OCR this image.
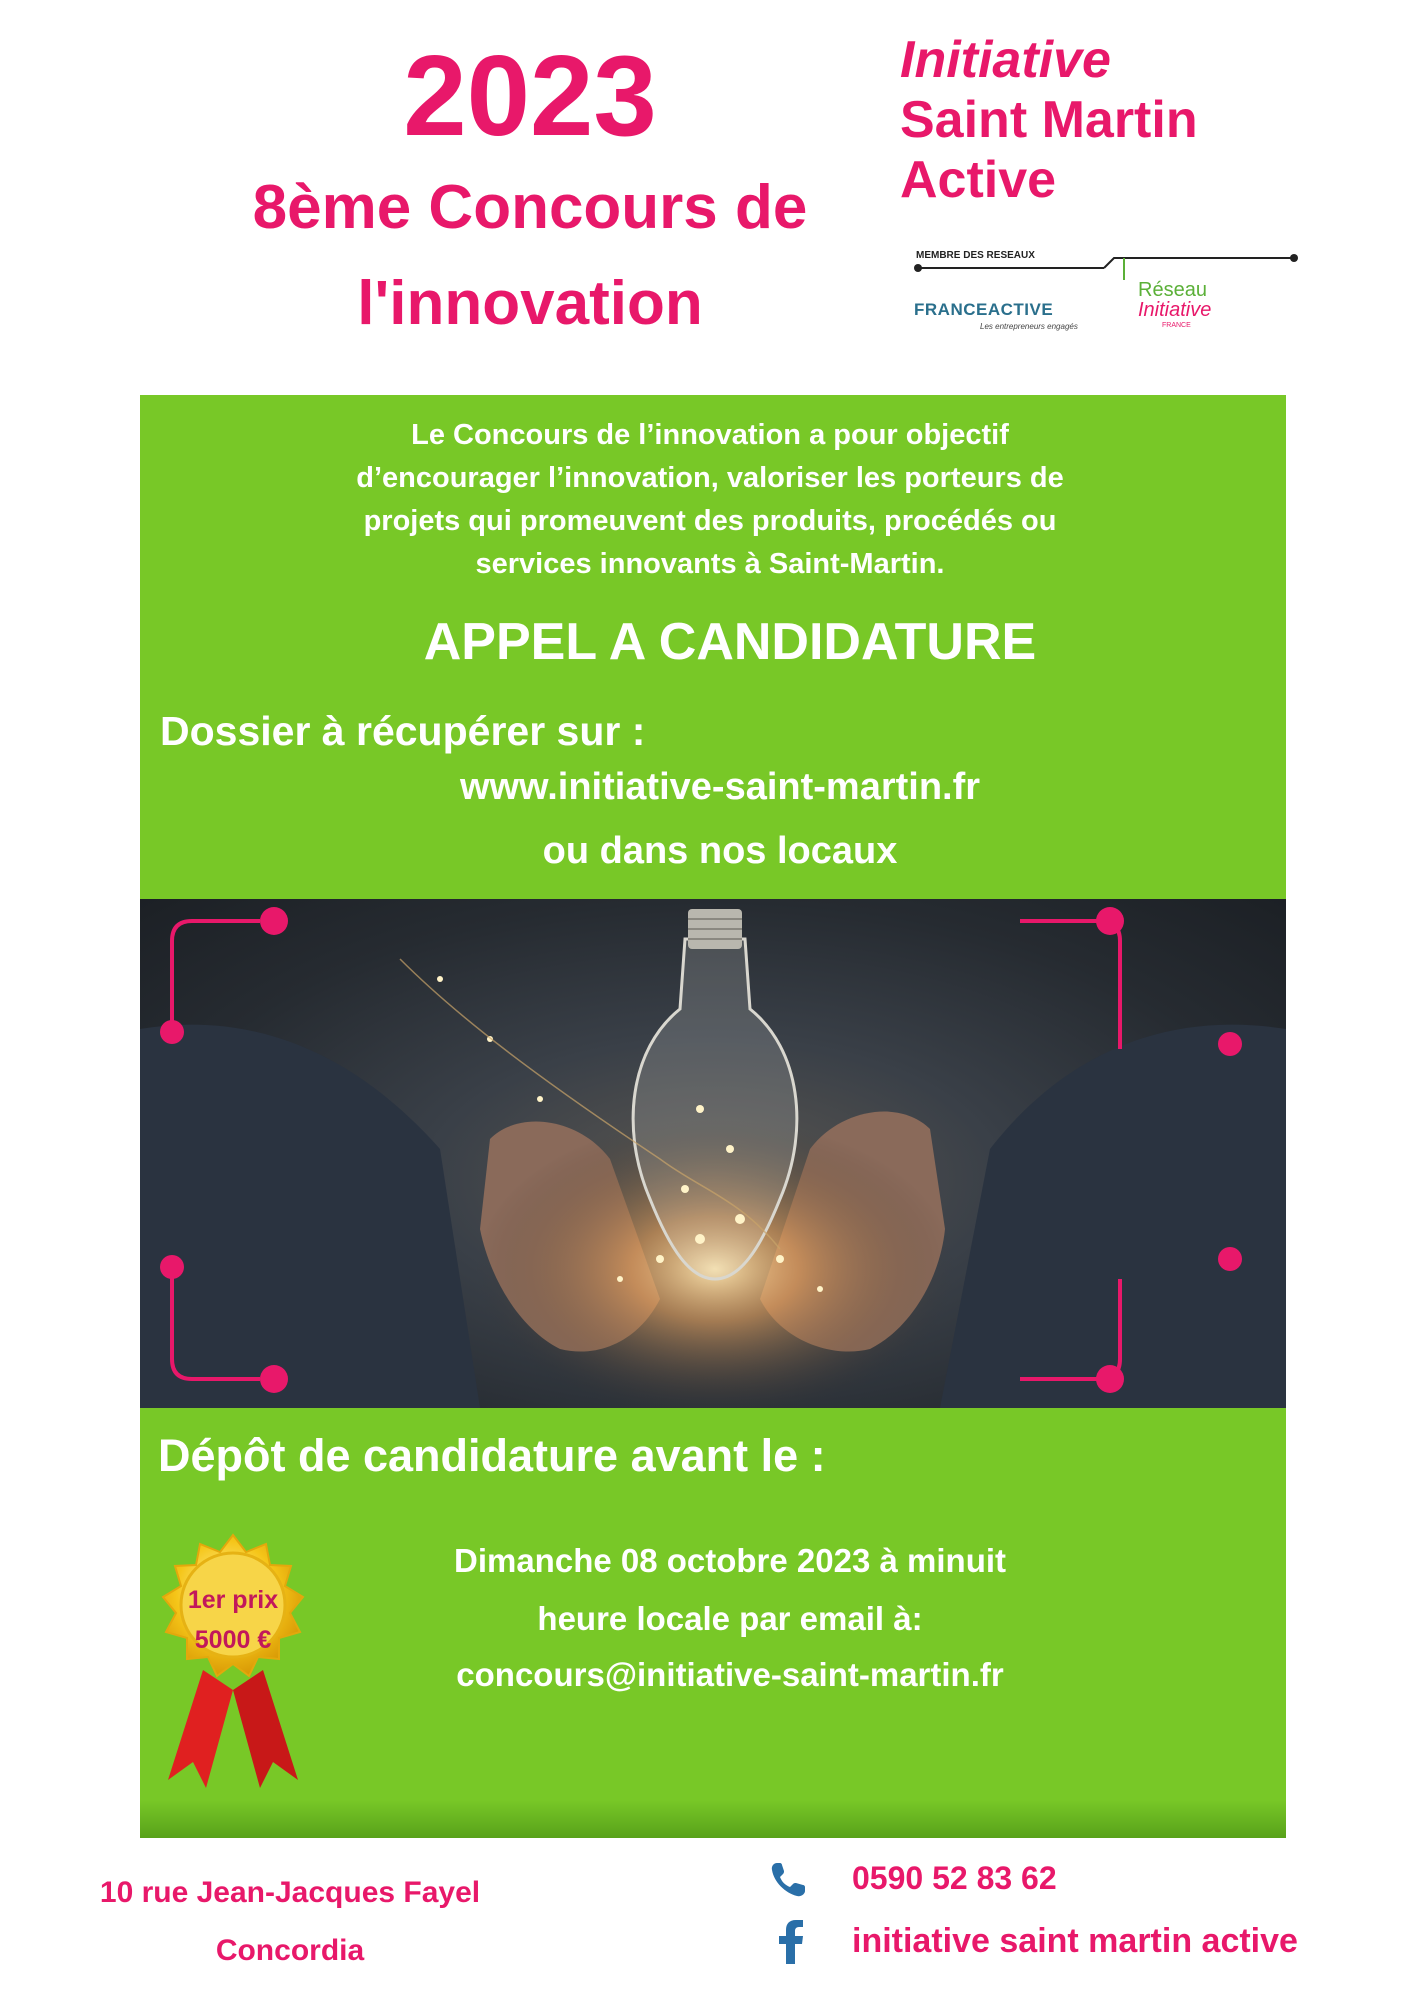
2023
8ème Concours de
l'innovation
Initiative
Saint Martin
Active
MEMBRE DES RESEAUX
FRANCEACTIVE
Les entrepreneurs engagés
Réseau
Initiative
FRANCE
Le Concours de l’innovation a pour objectif
d’encourager l’innovation, valoriser les porteurs de
projets qui promeuvent des produits, procédés ou
services innovants à Saint-Martin.
APPEL A CANDIDATURE
Dossier à récupérer sur :
www.initiative-saint-martin.fr
ou dans nos locaux
Dépôt de candidature avant le :
Dimanche 08 octobre 2023 à minuit
heure locale par email à:
concours@initiative-saint-martin.fr
1er prix
5000 €
10 rue Jean-Jacques Fayel
Concordia
0590 52 83 62
initiative saint martin active
